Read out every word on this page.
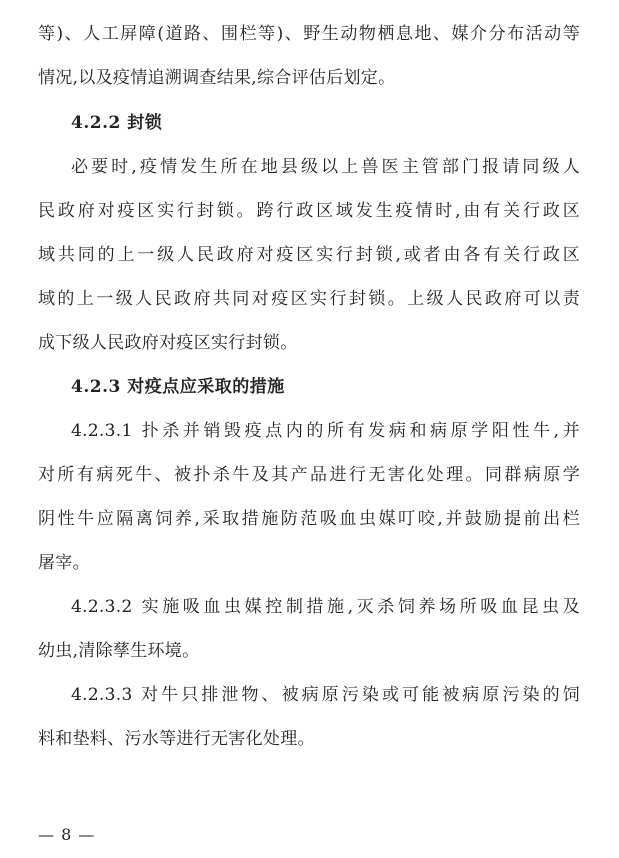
等)、人工屏障(道路、围栏等)、野生动物栖息地、媒介分布活动等
情况,以及疫情追溯调查结果,综合评估后划定。
4.2.2 封锁
必要时,疫情发生所在地县级以上兽医主管部门报请同级人
民政府对疫区实行封锁。跨行政区域发生疫情时,由有关行政区
域共同的上一级人民政府对疫区实行封锁,或者由各有关行政区
域的上一级人民政府共同对疫区实行封锁。上级人民政府可以责
成下级人民政府对疫区实行封锁。
4.2.3 对疫点应采取的措施
4.2.3.1 扑杀并销毁疫点内的所有发病和病原学阳性牛,并
对所有病死牛、被扑杀牛及其产品进行无害化处理。同群病原学
阴性牛应隔离饲养,采取措施防范吸血虫媒叮咬,并鼓励提前出栏
屠宰。
4.2.3.2 实施吸血虫媒控制措施,灭杀饲养场所吸血昆虫及
幼虫,清除孳生环境。
4.2.3.3 对牛只排泄物、被病原污染或可能被病原污染的饲
料和垫料、污水等进行无害化处理。
— 8 —
